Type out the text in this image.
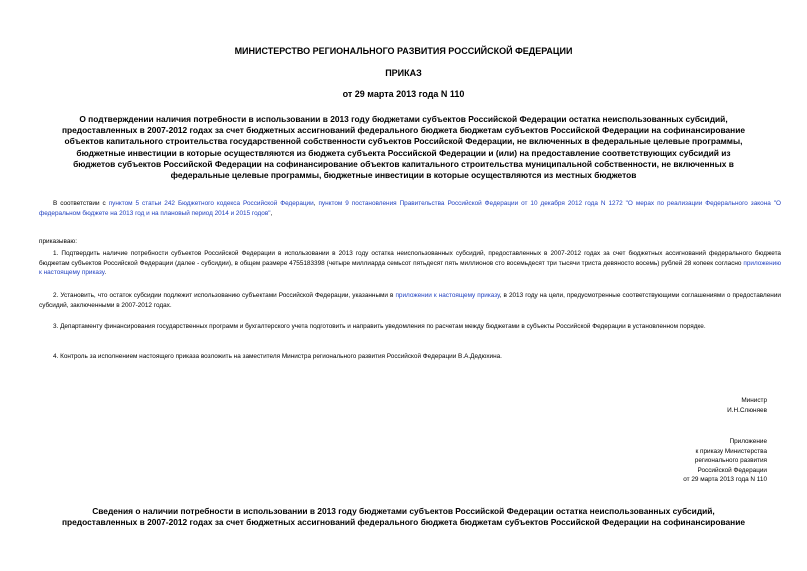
МИНИСТЕРСТВО РЕГИОНАЛЬНОГО РАЗВИТИЯ РОССИЙСКОЙ ФЕДЕРАЦИИ
ПРИКАЗ
от 29 марта 2013 года N 110
О подтверждении наличия потребности в использовании в 2013 году бюджетами субъектов Российской Федерации остатка неиспользованных субсидий,
предоставленных в 2007-2012 годах за счет бюджетных ассигнований федерального бюджета бюджетам субъектов Российской Федерации на софинансирование
объектов капитального строительства государственной собственности субъектов Российской Федерации, не включенных в федеральные целевые программы,
бюджетные инвестиции в которые осуществляются из бюджета субъекта Российской Федерации и (или) на предоставление соответствующих субсидий из
бюджетов субъектов Российской Федерации на софинансирование объектов капитального строительства муниципальной собственности, не включенных в
федеральные целевые программы, бюджетные инвестиции в которые осуществляются из местных бюджетов
В соответствии с пунктом 5 статьи 242 Бюджетного кодекса Российской Федерации, пунктом 9 постановления Правительства Российской Федерации от 10 декабря 2012 года N 1272 "О мерах по реализации Федерального закона "О федеральном бюджете на 2013 год и на плановый период 2014 и 2015 годов",
приказываю:
1. Подтвердить наличие потребности субъектов Российской Федерации в использовании в 2013 году остатка неиспользованных субсидий, предоставленных в 2007-2012 годах за счет бюджетных ассигнований федерального бюджета бюджетам субъектов Российской Федерации (далее - субсидии), в общем размере 4755183398 (четыре миллиарда семьсот пятьдесят пять миллионов сто восемьдесят три тысячи триста девяносто восемь) рублей 28 копеек согласно приложению к настоящему приказу.
2. Установить, что остаток субсидии подлежит использованию субъектами Российской Федерации, указанными в приложении к настоящему приказу, в 2013 году на цели, предусмотренные соответствующими соглашениями о предоставлении субсидий, заключенными в 2007-2012 годах.
3. Департаменту финансирования государственных программ и бухгалтерского учета подготовить и направить уведомления по расчетам между бюджетами в субъекты Российской Федерации в установленном порядке.
4. Контроль за исполнением настоящего приказа возложить на заместителя Министра регионального развития Российской Федерации В.А.Дедюхина.
Министр
И.Н.Слюняев
Приложение
к приказу Министерства
регионального развития
Российской Федерации
от 29 марта 2013 года N 110
Сведения о наличии потребности в использовании в 2013 году бюджетами субъектов Российской Федерации остатка неиспользованных субсидий,
предоставленных в 2007-2012 годах за счет бюджетных ассигнований федерального бюджета бюджетам субъектов Российской Федерации на софинансирование
